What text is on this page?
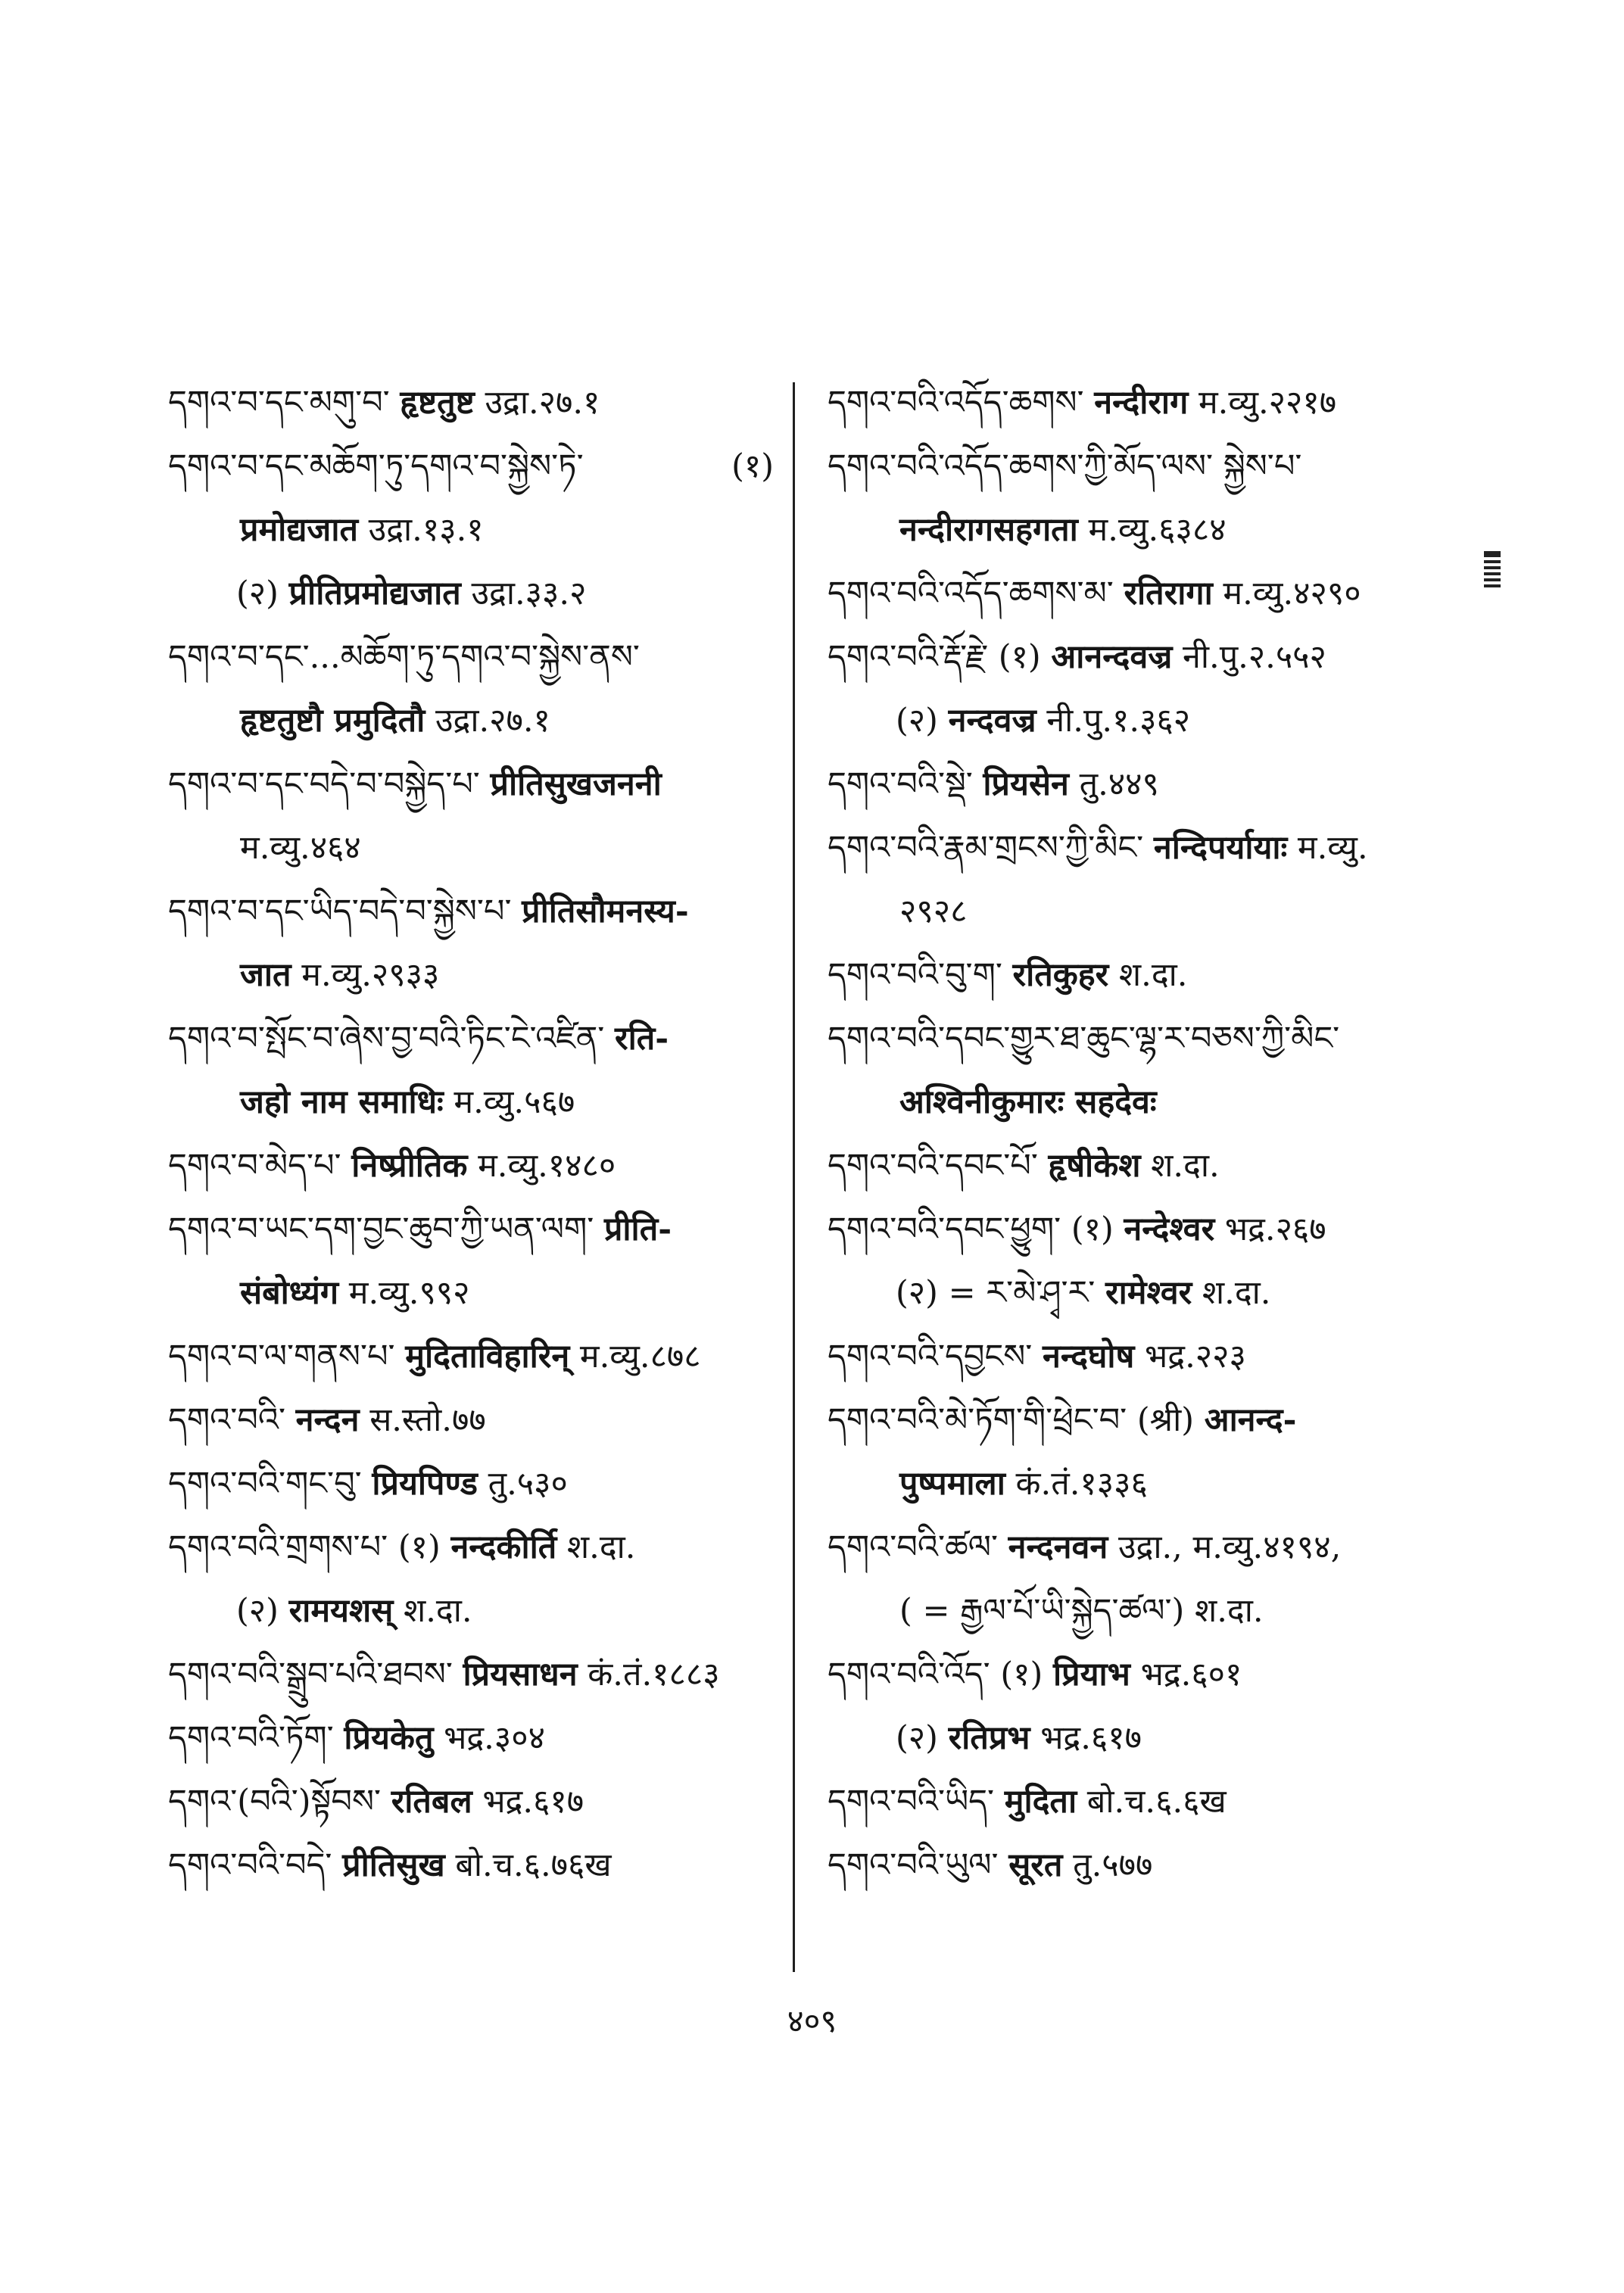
དགའ་བ་དང་མགུ་བ་ हृष्टतुष्ट उद्रा.२७.१
དགའ་བ་དང་མཆོག་ཏུ་དགའ་བ་སྐྱེས་ཏེ་	(१)
प्रमोद्यजात उद्रा.१३.१
(२) प्रीतिप्रमोद्यजात उद्रा.३३.२
དགའ་བ་དང་...མཆོག་ཏུ་དགའ་བ་སྐྱེས་ནས་
हृष्टतुष्टौ प्रमुदितौ उद्रा.२७.१
དགའ་བ་དང་བདེ་བ་བསྐྱེད་པ་ प्रीतिसुखजननी
म.व्यु.४६४
དགའ་བ་དང་ཡིད་བདེ་བ་སྐྱེས་པ་ प्रीतिसौमनस्य-
जात म.व्यु.२९३३
དགའ་བ་སྤོང་བ་ཞེས་བྱ་བའི་ཏིང་ངེ་འཛིན་ रति-
जहो नाम समाधिः म.व्यु.५६७
དགའ་བ་མེད་པ་ निष्प्रीतिक म.व्यु.१४८०
དགའ་བ་ཡང་དག་བྱང་ཆུབ་ཀྱི་ཡན་ལག་ प्रीति-
संबोध्यंग म.व्यु.९९२
དགའ་བ་ལ་གནས་པ་ मुदिताविहारिन् म.व्यु.८७८
དགའ་བའི་ नन्दन स.स्तो.७७
དགའ་བའི་གང་བུ་ प्रियपिण्ड तु.५३०
དགའ་བའི་གྲགས་པ་ (१) नन्दकीर्ति श.दा.
(२) रामयशस् श.दा.
དགའ་བའི་སྒྲུབ་པའི་ཐབས་ प्रियसाधन कं.तं.१८८३
དགའ་བའི་ཏོག་ प्रियकेतु भद्र.३०४
དགའ་(བའི་)སྟོབས་ रतिबल भद्र.६१७
དགའ་བའི་བདེ་ प्रीतिसुख बो.च.६.७६ख
དགའ་བའི་འདོད་ཆགས་ नन्दीराग म.व्यु.२२१७
དགའ་བའི་འདོད་ཆགས་ཀྱི་མོད་ལས་ སྐྱེས་པ་
नन्दीरागसहगता म.व्यु.६३८४
དགའ་བའི་འདོད་ཆགས་མ་ रतिरागा म.व्यु.४२९०
དགའ་བའི་རྡོ་རྗེ་ (१) आनन्दवज्र नी.पु.२.५५२
(२) नन्दवज्र नी.पु.१.३६२
དགའ་བའི་སྡེ་ प्रियसेन तु.४४९
དགའ་བའི་རྣམ་གྲངས་ཀྱི་མིང་ नन्दिपर्यायाः म.व्यु.
२९२८
དགའ་བའི་བུ་ག་ रतिकुहर श.दा.
དགའ་བའི་དབང་གྱུར་ཐ་ཆུང་ལྷ་ར་བཅས་ཀྱི་མིང་
अश्विनीकुमारः सहदेवः
དགའ་བའི་དབང་པོ་ हृषीकेश श.दा.
དགའ་བའི་དབང་ཕྱུག་ (१) नन्देश्वर भद्र.२६७
(२) = ར་མེ་ཤྭ་ར་ रामेश्वर श.दा.
དགའ་བའི་དབྱངས་ नन्दघोष भद्र.२२३
དགའ་བའི་མེ་ཏོག་གི་ཕྲེང་བ་ (श्री) आनन्द-
पुष्पमाला कं.तं.१३३६
དགའ་བའི་ཚལ་ नन्दनवन उद्रा., म.व्यु.४१९४,
( = རྒྱལ་པོ་ཡི་སྐྱེད་ཚལ་) श.दा.
དགའ་བའི་འོད་ (१) प्रियाभ भद्र.६०१
(२) रतिप्रभ भद्र.६१७
དགའ་བའི་ཡིད་ मुदिता बो.च.६.६ख
དགའ་བའི་ཡུལ་ सूरत तु.५७७
४०९
